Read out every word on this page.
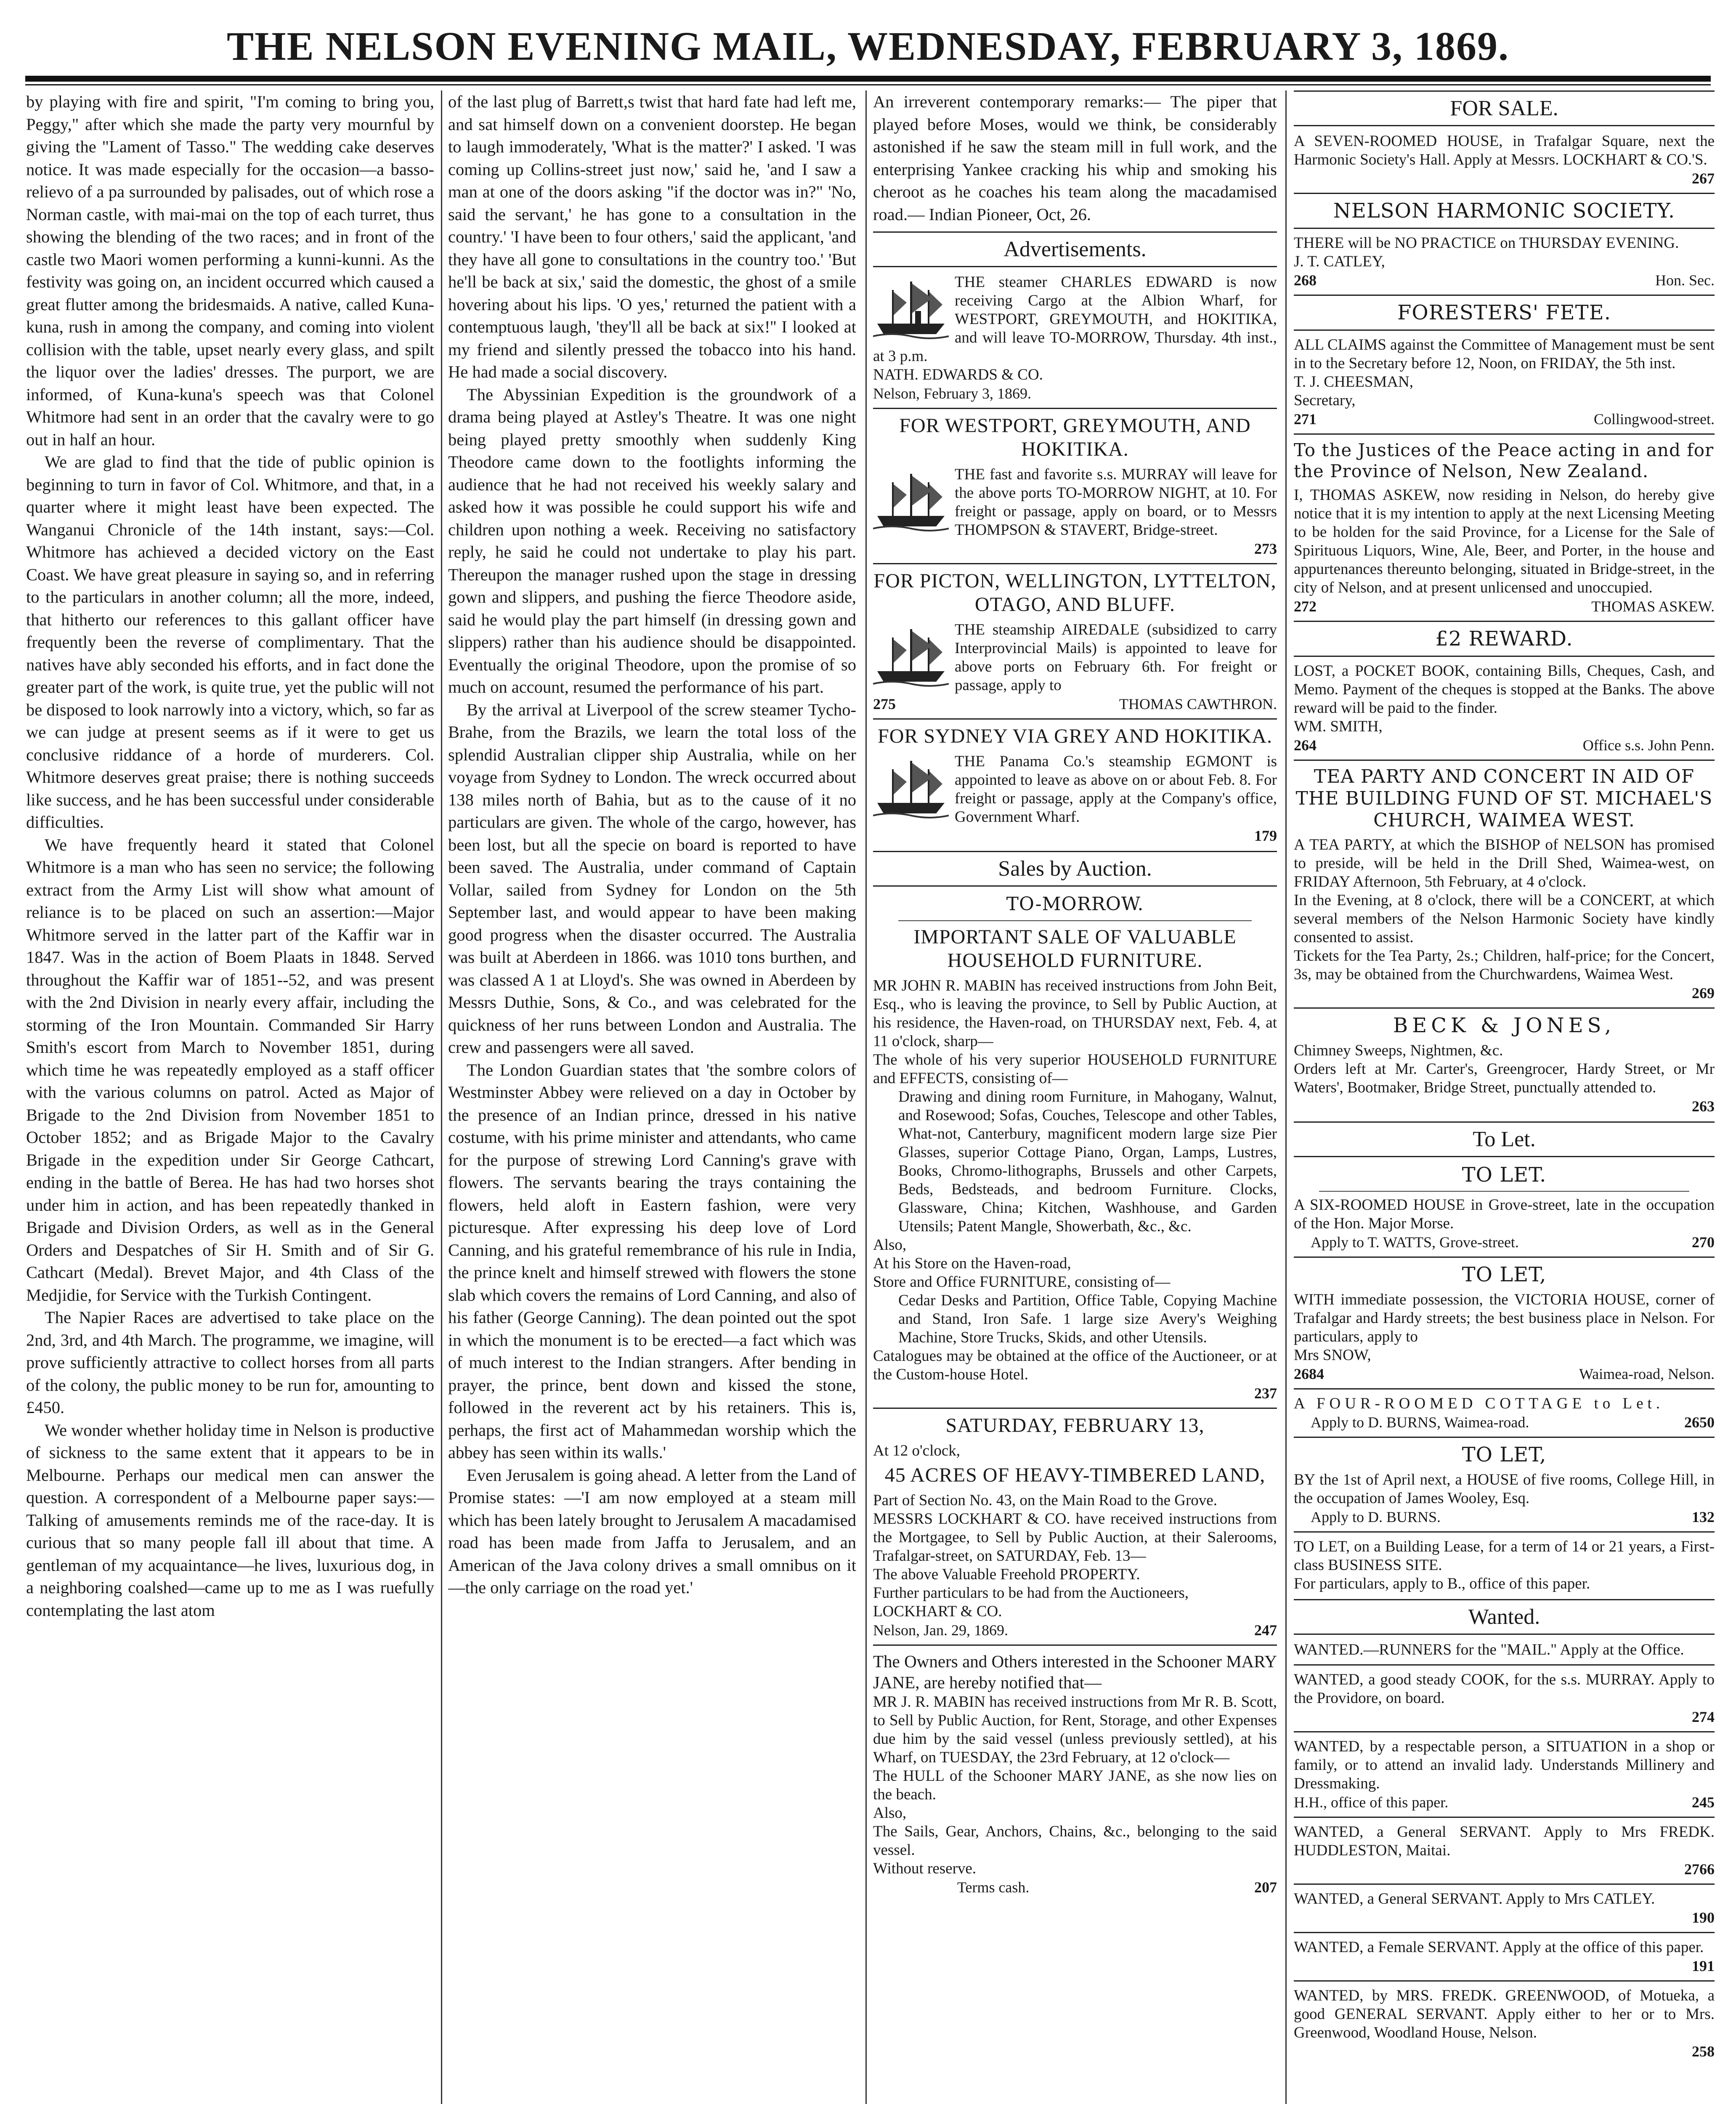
THE NELSON EVENING MAIL, WEDNESDAY, FEBRUARY 3, 1869.

by playing with fire and spirit, "I'm coming to bring you, Peggy," after which she made the party very mournful by giving the "Lament of Tasso." The wedding cake deserves notice. It was made especially for the occasion—a basso-relievo of a pa surrounded by palisades, out of which rose a Norman castle, with mai-mai on the top of each turret, thus showing the blending of the two races; and in front of the castle two Maori women performing a kunni-kunni. As the festivity was going on, an incident occurred which caused a great flutter among the bridesmaids. A native, called Kuna-kuna, rush in among the company, and coming into violent collision with the table, upset nearly every glass, and spilt the liquor over the ladies' dresses. The purport, we are informed, of Kuna-kuna's speech was that Colonel Whitmore had sent in an order that the cavalry were to go out in half an hour.

We are glad to find that the tide of public opinion is beginning to turn in favor of Col. Whitmore, and that, in a quarter where it might least have been expected. The Wanganui Chronicle of the 14th instant, says:—Col. Whitmore has achieved a decided victory on the East Coast. We have great pleasure in saying so, and in referring to the particulars in another column; all the more, indeed, that hitherto our references to this gallant officer have frequently been the reverse of complimentary. That the natives have ably seconded his efforts, and in fact done the greater part of the work, is quite true, yet the public will not be disposed to look narrowly into a victory, which, so far as we can judge at present seems as if it were to get us conclusive riddance of a horde of murderers. Col. Whitmore deserves great praise; there is nothing succeeds like success, and he has been successful under considerable difficulties.

We have frequently heard it stated that Colonel Whitmore is a man who has seen no service; the following extract from the Army List will show what amount of reliance is to be placed on such an assertion:—Major Whitmore served in the latter part of the Kaffir war in 1847. Was in the action of Boem Plaats in 1848. Served throughout the Kaffir war of 1851--52, and was present with the 2nd Division in nearly every affair, including the storming of the Iron Mountain. Commanded Sir Harry Smith's escort from March to November 1851, during which time he was repeatedly employed as a staff officer with the various columns on patrol. Acted as Major of Brigade to the 2nd Division from November 1851 to October 1852; and as Brigade Major to the Cavalry Brigade in the expedition under Sir George Cathcart, ending in the battle of Berea. He has had two horses shot under him in action, and has been repeatedly thanked in Brigade and Division Orders, as well as in the General Orders and Despatches of Sir H. Smith and of Sir G. Cathcart (Medal). Brevet Major, and 4th Class of the Medjidie, for Service with the Turkish Contingent.

The Napier Races are advertised to take place on the 2nd, 3rd, and 4th March. The programme, we imagine, will prove sufficiently attractive to collect horses from all parts of the colony, the public money to be run for, amounting to £450.

We wonder whether holiday time in Nelson is productive of sickness to the same extent that it appears to be in Melbourne. Perhaps our medical men can answer the question. A correspondent of a Melbourne paper says:—Talking of amusements reminds me of the race-day. It is curious that so many people fall ill about that time. A gentleman of my acquaintance—he lives, luxurious dog, in a neighboring coalshed—came up to me as I was ruefully contemplating the last atom

of the last plug of Barrett,s twist that hard fate had left me, and sat himself down on a convenient doorstep. He began to laugh immoderately, 'What is the matter?' I asked. 'I was coming up Collins-street just now,' said he, 'and I saw a man at one of the doors asking "if the doctor was in?" 'No, said the servant,' he has gone to a consultation in the country.' 'I have been to four others,' said the applicant, 'and they have all gone to consultations in the country too.' 'But he'll be back at six,' said the domestic, the ghost of a smile hovering about his lips. 'O yes,' returned the patient with a contemptuous laugh, 'they'll all be back at six!'' I looked at my friend and silently pressed the tobacco into his hand. He had made a social discovery.

The Abyssinian Expedition is the groundwork of a drama being played at Astley's Theatre. It was one night being played pretty smoothly when suddenly King Theodore came down to the footlights informing the audience that he had not received his weekly salary and asked how it was possible he could support his wife and children upon nothing a week. Receiving no satisfactory reply, he said he could not undertake to play his part. Thereupon the manager rushed upon the stage in dressing gown and slippers, and pushing the fierce Theodore aside, said he would play the part himself (in dressing gown and slippers) rather than his audience should be disappointed. Eventually the original Theodore, upon the promise of so much on account, resumed the performance of his part.

By the arrival at Liverpool of the screw steamer Tycho-Brahe, from the Brazils, we learn the total loss of the splendid Australian clipper ship Australia, while on her voyage from Sydney to London. The wreck occurred about 138 miles north of Bahia, but as to the cause of it no particulars are given. The whole of the cargo, however, has been lost, but all the specie on board is reported to have been saved. The Australia, under command of Captain Vollar, sailed from Sydney for London on the 5th September last, and would appear to have been making good progress when the disaster occurred. The Australia was built at Aberdeen in 1866. was 1010 tons burthen, and was classed A 1 at Lloyd's. She was owned in Aberdeen by Messrs Duthie, Sons, & Co., and was celebrated for the quickness of her runs between London and Australia. The crew and passengers were all saved.

The London Guardian states that 'the sombre colors of Westminster Abbey were relieved on a day in October by the presence of an Indian prince, dressed in his native costume, with his prime minister and attendants, who came for the purpose of strewing Lord Canning's grave with flowers. The servants bearing the trays containing the flowers, held aloft in Eastern fashion, were very picturesque. After expressing his deep love of Lord Canning, and his grateful remembrance of his rule in India, the prince knelt and himself strewed with flowers the stone slab which covers the remains of Lord Canning, and also of his father (George Canning). The dean pointed out the spot in which the monument is to be erected—a fact which was of much interest to the Indian strangers. After bending in prayer, the prince, bent down and kissed the stone, followed in the reverent act by his retainers. This is, perhaps, the first act of Mahammedan worship which the abbey has seen within its walls.'

Even Jerusalem is going ahead. A letter from the Land of Promise states: —'I am now employed at a steam mill which has been lately brought to Jerusalem A macadamised road has been made from Jaffa to Jerusalem, and an American of the Java colony drives a small omnibus on it—the only carriage on the road yet.'

An irreverent contemporary remarks:— The piper that played before Moses, would we think, be considerably astonished if he saw the steam mill in full work, and the enterprising Yankee cracking his whip and smoking his cheroot as he coaches his team along the macadamised road.— Indian Pioneer, Oct, 26.

Advertisements.

THE steamer CHARLES EDWARD is now receiving Cargo at the Albion Wharf, for WESTPORT, GREYMOUTH, and HOKITIKA, and will leave TO-MORROW, Thursday. 4th inst., at 3 p.m.

NATH. EDWARDS & CO.

Nelson, February 3, 1869.
FOR WESTPORT, GREYMOUTH, AND HOKITIKA.

THE fast and favorite s.s. MURRAY will leave for the above ports TO-MORROW NIGHT, at 10. For freight or passage, apply on board, or to Messrs THOMPSON & STAVERT, Bridge-street.

273
FOR PICTON, WELLINGTON, LYTTELTON, OTAGO, AND BLUFF.

THE steamship AIREDALE (subsidized to carry Interprovincial Mails) is appointed to leave for above ports on February 6th. For freight or passage, apply to

275	THOMAS CAWTHRON.
FOR SYDNEY VIA GREY AND HOKITIKA.

THE Panama Co.'s steamship EGMONT is appointed to leave as above on or about Feb. 8. For freight or passage, apply at the Company's office, Government Wharf.

179
Sales by Auction.
TO-MORROW.
IMPORTANT SALE OF VALUABLE HOUSEHOLD FURNITURE.

MR JOHN R. MABIN has received instructions from John Beit, Esq., who is leaving the province, to Sell by Public Auction, at his residence, the Haven-road, on THURSDAY next, Feb. 4, at 11 o'clock, sharp—

The whole of his very superior HOUSEHOLD FURNITURE and EFFECTS, consisting of—

Drawing and dining room Furniture, in Mahogany, Walnut, and Rosewood; Sofas, Couches, Telescope and other Tables, What-not, Canterbury, magnificent modern large size Pier Glasses, superior Cottage Piano, Organ, Lamps, Lustres, Books, Chromo-lithographs, Brussels and other Carpets, Beds, Bedsteads, and bedroom Furniture. Clocks, Glassware, China; Kitchen, Washhouse, and Garden Utensils; Patent Mangle, Showerbath, &c., &c.

Also,

At his Store on the Haven-road,

Store and Office FURNITURE, consisting of—

Cedar Desks and Partition, Office Table, Copying Machine and Stand, Iron Safe. 1 large size Avery's Weighing Machine, Store Trucks, Skids, and other Utensils.

Catalogues may be obtained at the office of the Auctioneer, or at the Custom-house Hotel.

237
SATURDAY, FEBRUARY 13,

At 12 o'clock,

45 ACRES OF HEAVY-TIMBERED LAND,

Part of Section No. 43, on the Main Road to the Grove.

MESSRS LOCKHART & CO. have received instructions from the Mortgagee, to Sell by Public Auction, at their Salerooms, Trafalgar-street, on SATURDAY, Feb. 13—

The above Valuable Freehold PROPERTY.

Further particulars to be had from the Auctioneers,

LOCKHART & CO.

Nelson, Jan. 29, 1869.	247

The Owners and Others interested in the Schooner MARY JANE, are hereby notified that—

MR J. R. MABIN has received instructions from Mr R. B. Scott, to Sell by Public Auction, for Rent, Storage, and other Expenses due him by the said vessel (unless previously settled), at his Wharf, on TUESDAY, the 23rd February, at 12 o'clock—

The HULL of the Schooner MARY JANE, as she now lies on the beach.

Also,

The Sails, Gear, Anchors, Chains, &c., belonging to the said vessel.

Without reserve.

Terms cash.	207
FOR SALE.

A SEVEN-ROOMED HOUSE, in Trafalgar Square, next the Harmonic Society's Hall. Apply at Messrs. LOCKHART & CO.'S.

267
NELSON HARMONIC SOCIETY.

THERE will be NO PRACTICE on THURSDAY EVENING.

J. T. CATLEY,

268	Hon. Sec.
FORESTERS' FETE.

ALL CLAIMS against the Committee of Management must be sent in to the Secretary before 12, Noon, on FRIDAY, the 5th inst.

T. J. CHEESMAN,

Secretary,

271	Collingwood-street.
To the Justices of the Peace acting in and for the Province of Nelson, New Zealand.

I, THOMAS ASKEW, now residing in Nelson, do hereby give notice that it is my intention to apply at the next Licensing Meeting to be holden for the said Province, for a License for the Sale of Spirituous Liquors, Wine, Ale, Beer, and Porter, in the house and appurtenances thereunto belonging, situated in Bridge-street, in the city of Nelson, and at present unlicensed and unoccupied.

272	THOMAS ASKEW.
£2 REWARD.

LOST, a POCKET BOOK, containing Bills, Cheques, Cash, and Memo. Payment of the cheques is stopped at the Banks. The above reward will be paid to the finder.

WM. SMITH,

264	Office s.s. John Penn.
TEA PARTY AND CONCERT IN AID OF THE BUILDING FUND OF ST. MICHAEL'S CHURCH, WAIMEA WEST.

A TEA PARTY, at which the BISHOP of NELSON has promised to preside, will be held in the Drill Shed, Waimea-west, on FRIDAY Afternoon, 5th February, at 4 o'clock.

In the Evening, at 8 o'clock, there will be a CONCERT, at which several members of the Nelson Harmonic Society have kindly consented to assist.

Tickets for the Tea Party, 2s.; Children, half-price; for the Concert, 3s, may be obtained from the Churchwardens, Waimea West.

269
BECK & JONES,

Chimney Sweeps, Nightmen, &c.

Orders left at Mr. Carter's, Greengrocer, Hardy Street, or Mr Waters', Bootmaker, Bridge Street, punctually attended to.

263
To Let.
TO LET.

A SIX-ROOMED HOUSE in Grove-street, late in the occupation of the Hon. Major Morse.

Apply to T. WATTS, Grove-street.	270
TO LET,

WITH immediate possession, the VICTORIA HOUSE, corner of Trafalgar and Hardy streets; the best business place in Nelson. For particulars, apply to

Mrs SNOW,

2684	Waimea-road, Nelson.

A FOUR-ROOMED COTTAGE to Let.

Apply to D. BURNS, Waimea-road.	2650
TO LET,

BY the 1st of April next, a HOUSE of five rooms, College Hill, in the occupation of James Wooley, Esq.

Apply to D. BURNS.	132

TO LET, on a Building Lease, for a term of 14 or 21 years, a First-class BUSINESS SITE.

For particulars, apply to B., office of this paper.

Wanted.

WANTED.—RUNNERS for the "MAIL." Apply at the Office.

WANTED, a good steady COOK, for the s.s. MURRAY. Apply to the Providore, on board.

274

WANTED, by a respectable person, a SITUATION in a shop or family, or to attend an invalid lady. Understands Millinery and Dressmaking.

H.H., office of this paper.	245

WANTED, a General SERVANT. Apply to Mrs FREDK. HUDDLESTON, Maitai.

2766

WANTED, a General SERVANT. Apply to Mrs CATLEY.

190

WANTED, a Female SERVANT. Apply at the office of this paper.

191

WANTED, by MRS. FREDK. GREENWOOD, of Motueka, a good GENERAL SERVANT. Apply either to her or to Mrs. Greenwood, Woodland House, Nelson.

258
